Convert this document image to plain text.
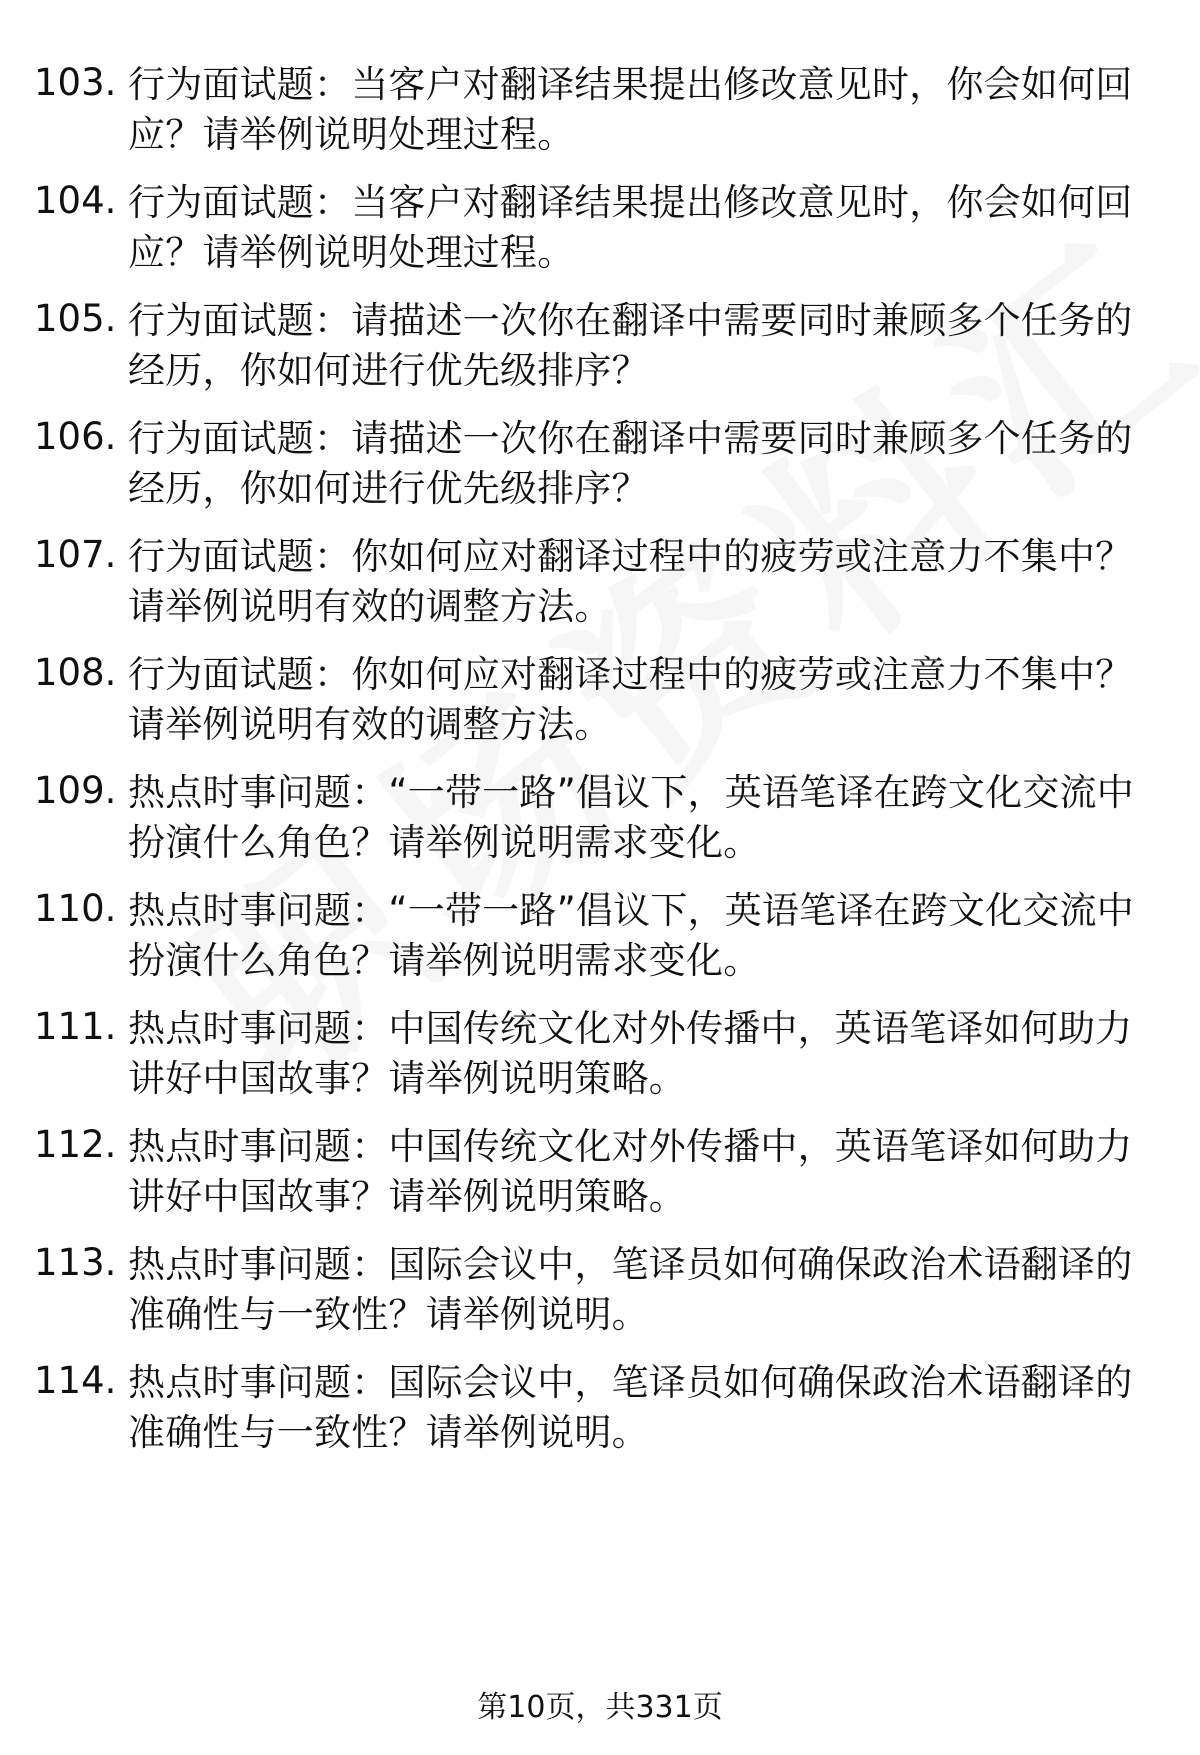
103. 行为面试题：当客户对翻译结果提出修改意见时，你会如何回应？请举例说明处理过程。
104. 行为面试题：当客户对翻译结果提出修改意见时，你会如何回应？请举例说明处理过程。
105. 行为面试题：请描述一次你在翻译中需要同时兼顾多个任务的经历，你如何进行优先级排序？
106. 行为面试题：请描述一次你在翻译中需要同时兼顾多个任务的经历，你如何进行优先级排序？
107. 行为面试题：你如何应对翻译过程中的疲劳或注意力不集中？请举例说明有效的调整方法。
108. 行为面试题：你如何应对翻译过程中的疲劳或注意力不集中？请举例说明有效的调整方法。
109. 热点时事问题：“一带一路”倡议下，英语笔译在跨文化交流中扮演什么角色？请举例说明需求变化。
110. 热点时事问题：“一带一路”倡议下，英语笔译在跨文化交流中扮演什么角色？请举例说明需求变化。
111. 热点时事问题：中国传统文化对外传播中，英语笔译如何助力讲好中国故事？请举例说明策略。
112. 热点时事问题：中国传统文化对外传播中，英语笔译如何助力讲好中国故事？请举例说明策略。
113. 热点时事问题：国际会议中，笔译员如何确保政治术语翻译的准确性与一致性？请举例说明。
114. 热点时事问题：国际会议中，笔译员如何确保政治术语翻译的准确性与一致性？请举例说明。
第10页，共331页
